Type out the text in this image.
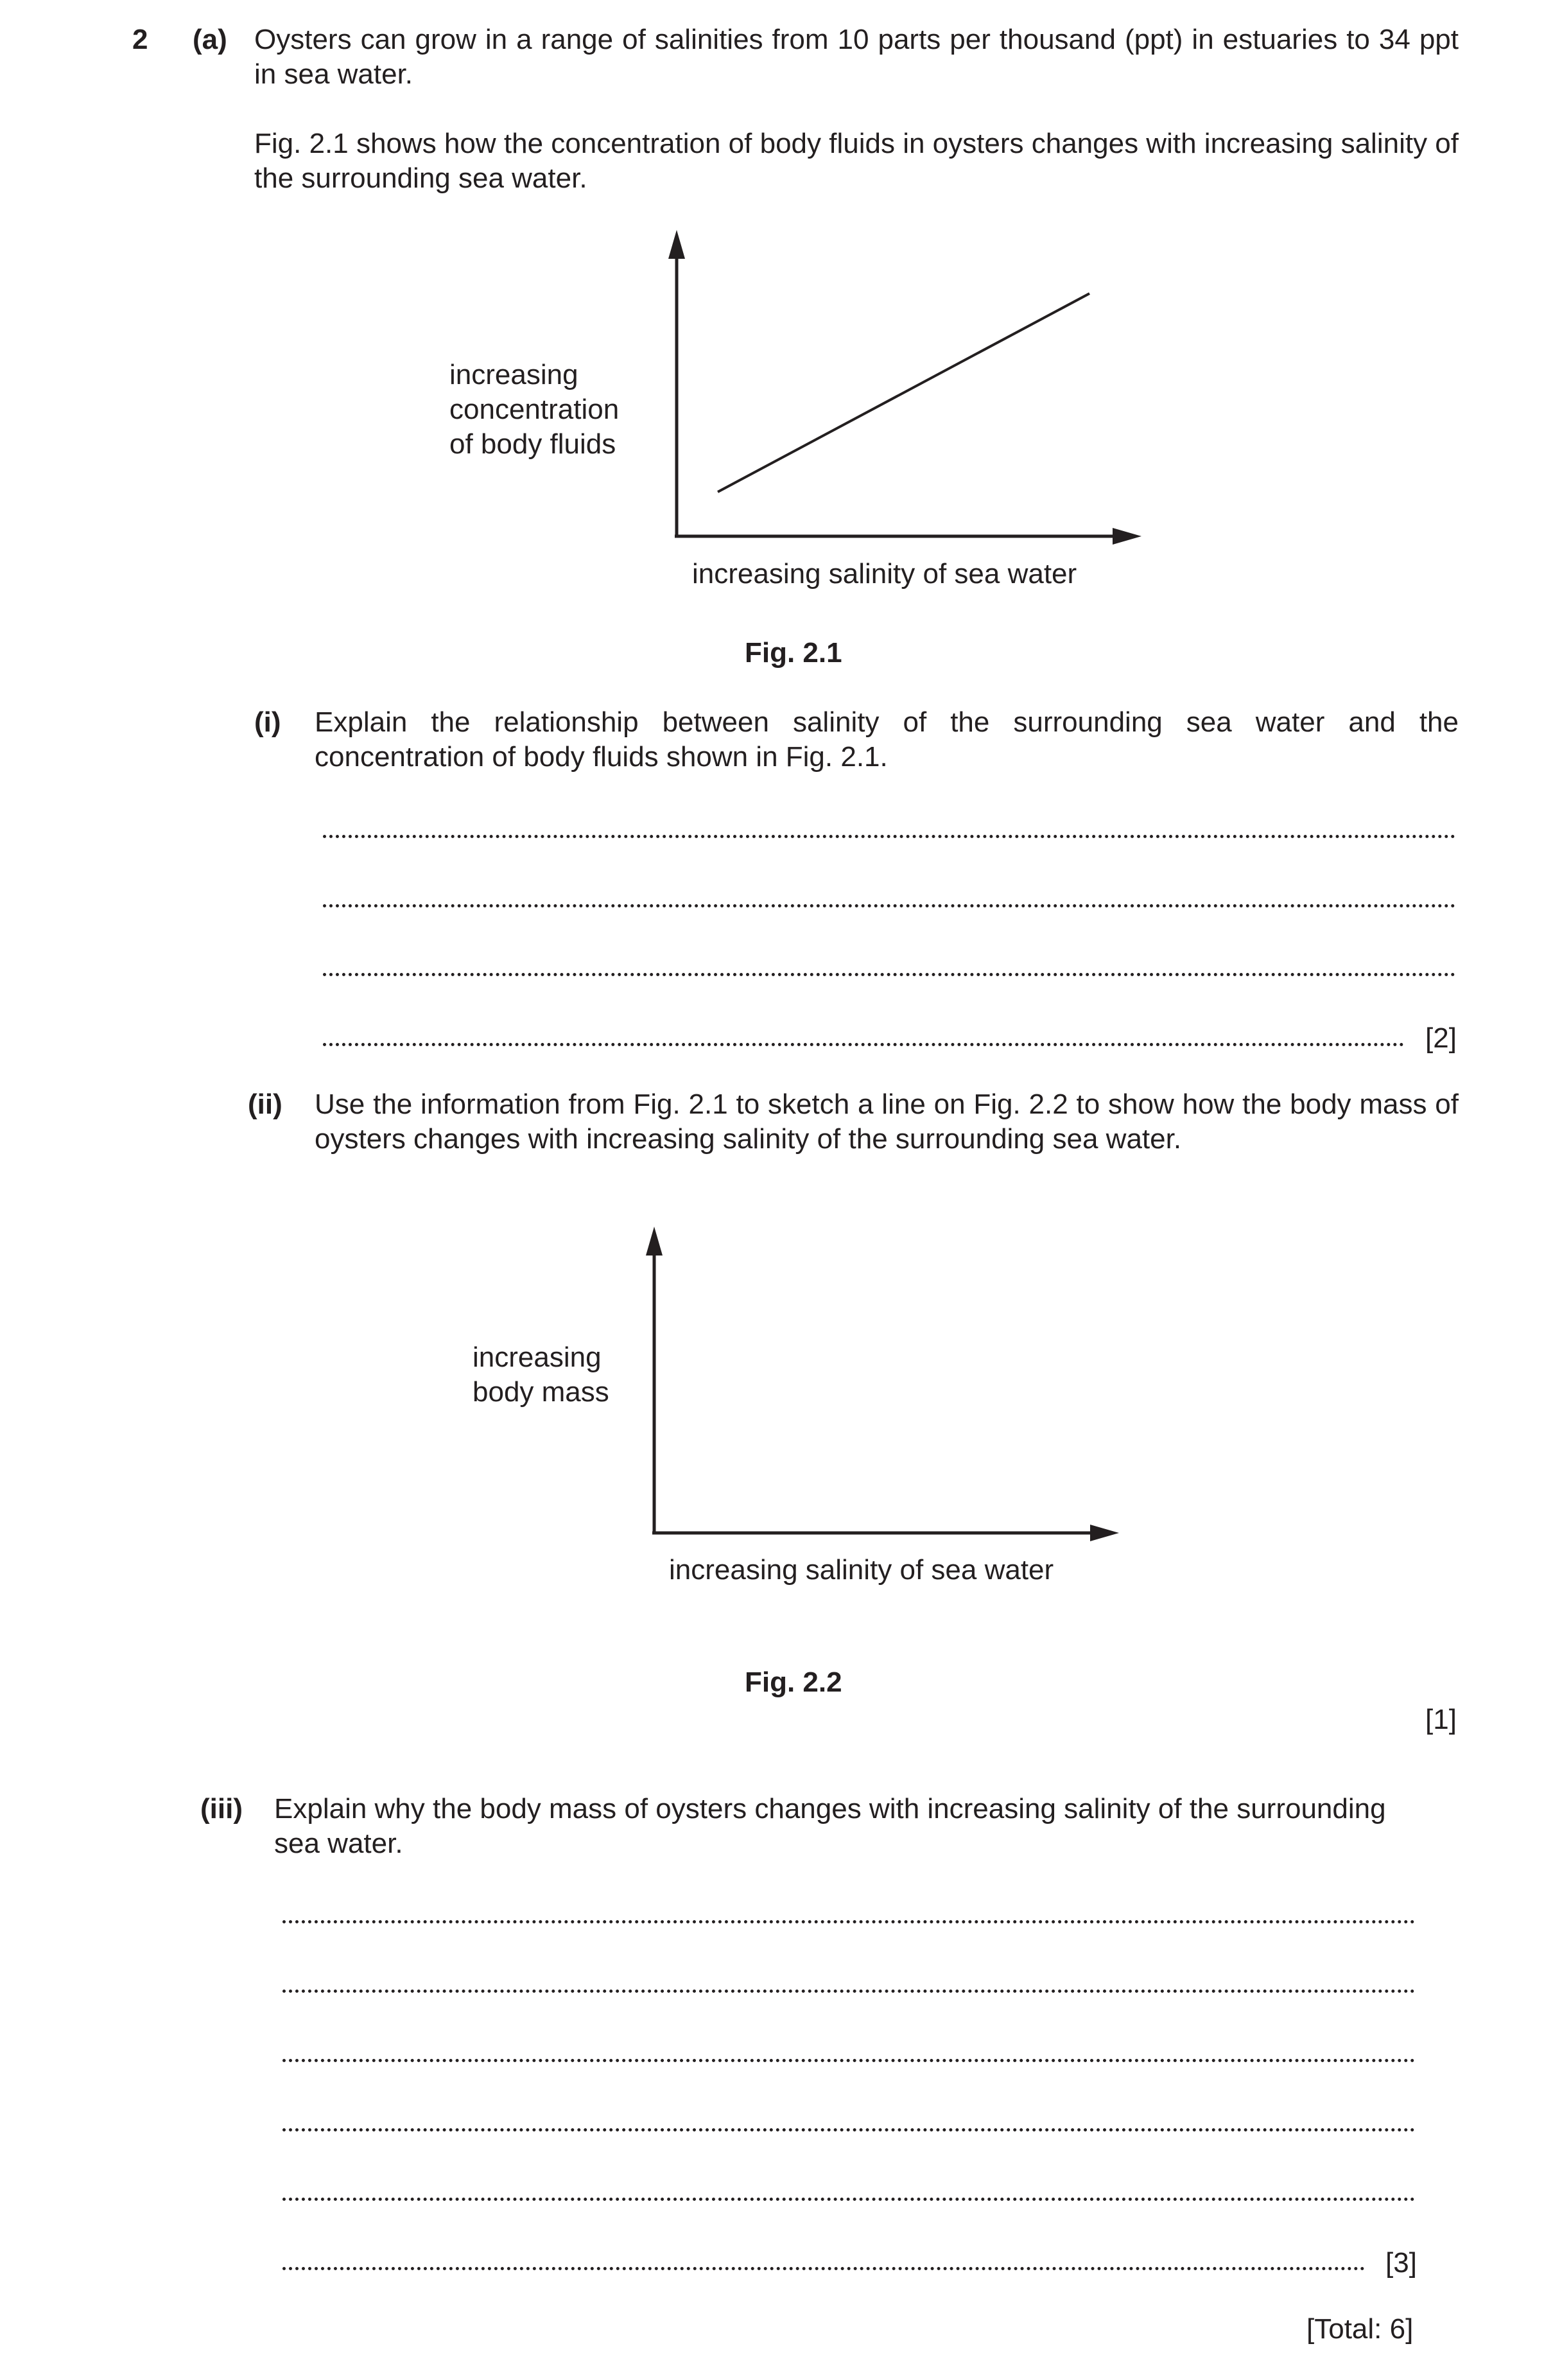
2 (a) Oysters can grow in a range of salinities from 10 parts per thousand (ppt) in estuaries to 34 ppt in sea water.
Fig. 2.1 shows how the concentration of body fluids in oysters changes with increasing salinity of the surrounding sea water.
increasing
concentration
of body fluids
increasing salinity of sea water
Fig. 2.1
(i) Explain the relationship between salinity of the surrounding sea water and the concentration of body fluids shown in Fig. 2.1.
[2]
(ii) Use the information from Fig. 2.1 to sketch a line on Fig. 2.2 to show how the body mass of oysters changes with increasing salinity of the surrounding sea water.
increasing
body mass
increasing salinity of sea water
Fig. 2.2
[1]
(iii) Explain why the body mass of oysters changes with increasing salinity of the surrounding sea water.
[3]
[Total: 6]
